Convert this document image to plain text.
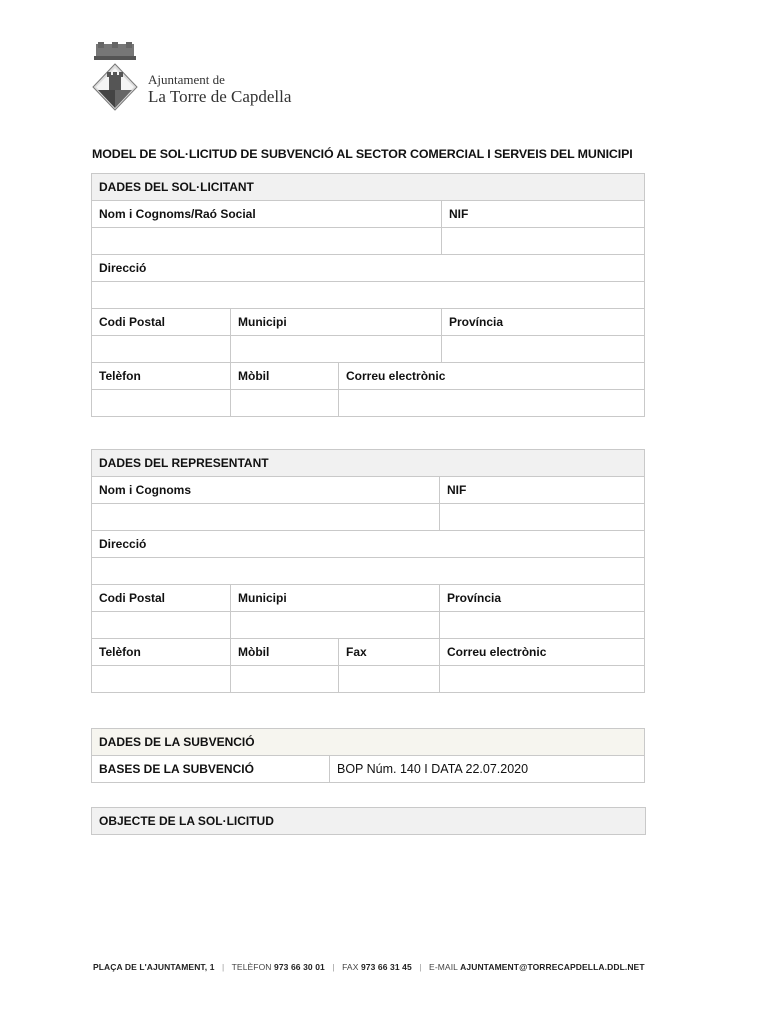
Ajuntament de
La Torre de Capdella
MODEL DE SOL·LICITUD DE SUBVENCIÓ AL SECTOR COMERCIAL I SERVEIS DEL MUNICIPI
DADES DEL SOL·LICITANT			
Nom i Cognoms/Raó Social			NIF

Direcció			

Codi Postal	Municipi		Província

Telèfon	Mòbil	Correu electrònic	

DADES DEL REPRESENTANT			
Nom i Cognoms			NIF

Direcció			

Codi Postal	Municipi		Província

Telèfon	Mòbil	Fax	Correu electrònic

DADES DE LA SUBVENCIÓ
BASES DE LA SUBVENCIÓ	BOP Núm. 140 I DATA 22.07.2020
OBJECTE DE LA SOL·LICITUD
PLAÇA DE L'AJUNTAMENT, 1 | TELÈFON 973 66 30 01 | FAX 973 66 31 45 | E-MAIL AJUNTAMENT@TORRECAPDELLA.DDL.NET
